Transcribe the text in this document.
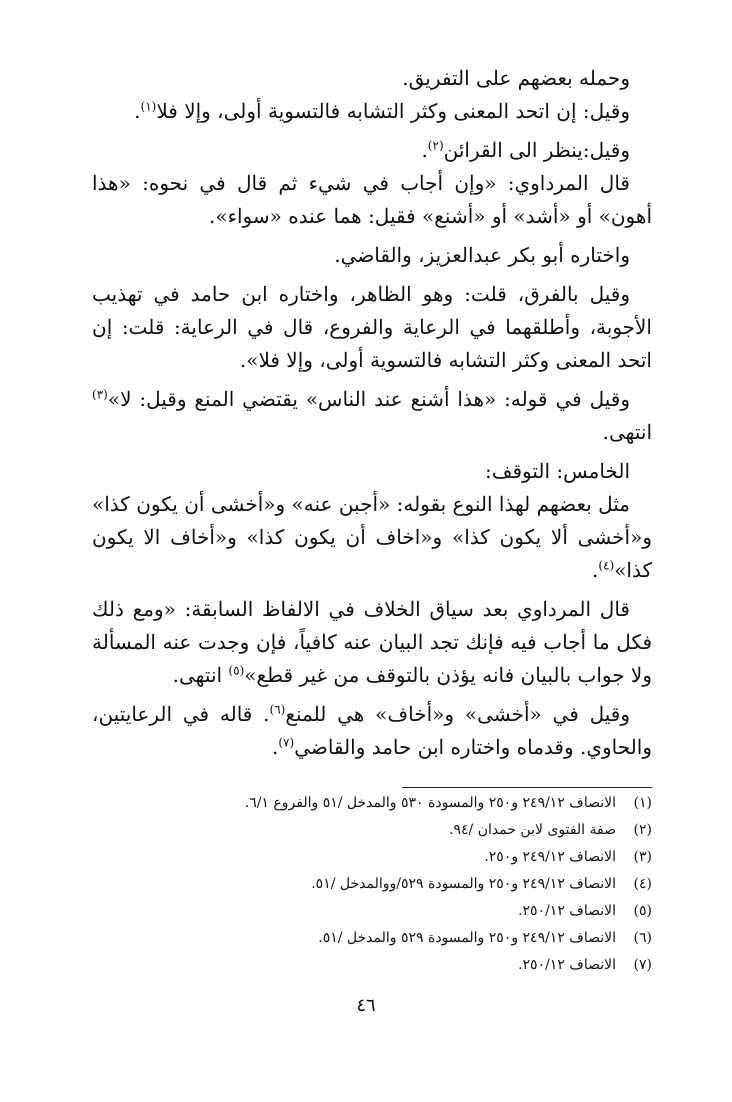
وحمله بعضهم على التفريق.

وقيل: إن اتحد المعنى وكثر التشابه فالتسوية أولى، وإلا فلا$^{(١)}$.

وقيل:ينظر الى القرائن$^{(٢)}$.

قال المرداوي: «وإن أجاب في شيء ثم قال في نحوه: «هذا أهون» أو «أشد» أو «أشنع» فقيل: هما عنده «سواء».

واختاره أبو بكر عبدالعزيز، والقاضي.

وقيل بالفرق، قلت: وهو الظاهر، واختاره ابن حامد في تهذيب الأجوبة، وأطلقهما في الرعاية والفروع، قال في الرعاية: قلت: إن اتحد المعنى وكثر التشابه فالتسوية أولى، وإلا فلا».

وقيل في قوله: «هذا أشنع عند الناس» يقتضي المنع وقيل: لا»$^{(٣)}$ انتهى.

الخامس: التوقف:

مثل بعضهم لهذا النوع بقوله: «أجبن عنه» و«أخشى أن يكون كذا» و«أخشى ألا يكون كذا» و«اخاف أن يكون كذا» و«أخاف الا يكون كذا»$^{(٤)}$.

قال المرداوي بعد سياق الخلاف في الالفاظ السابقة: «ومع ذلك فكل ما أجاب فيه فإنك تجد البيان عنه كافياً، فإن وجدت عنه المسألة ولا جواب بالبيان فانه يؤذن بالتوقف من غير قطع»$^{(٥)}$ انتهى.

وقيل في «أخشى» و«أخاف» هي للمنع$^{(٦)}$. قاله في الرعايتين، والحاوي. وقدماه واختاره ابن حامد والقاضي$^{(٧)}$.

(١)
الانصاف ٢٤٩/١٢ و٢٥٠ والمسودة ٥٣٠ والمدخل /٥١ والفروع ٦/١.
(٢)
صفة الفتوى لابن حمدان /٩٤.
(٣)
الانصاف ٢٤٩/١٢ و٢٥٠.
(٤)
الانصاف ٢٤٩/١٢ و٢٥٠ والمسودة ٥٢٩/ووالمدخل /٥١.
(٥)
الانصاف ٢٥٠/١٢.
(٦)
الانصاف ٢٤٩/١٢ و٢٥٠ والمسودة ٥٢٩ والمدخل /٥١.
(٧)
الانصاف ٢٥٠/١٢.
٤٦
